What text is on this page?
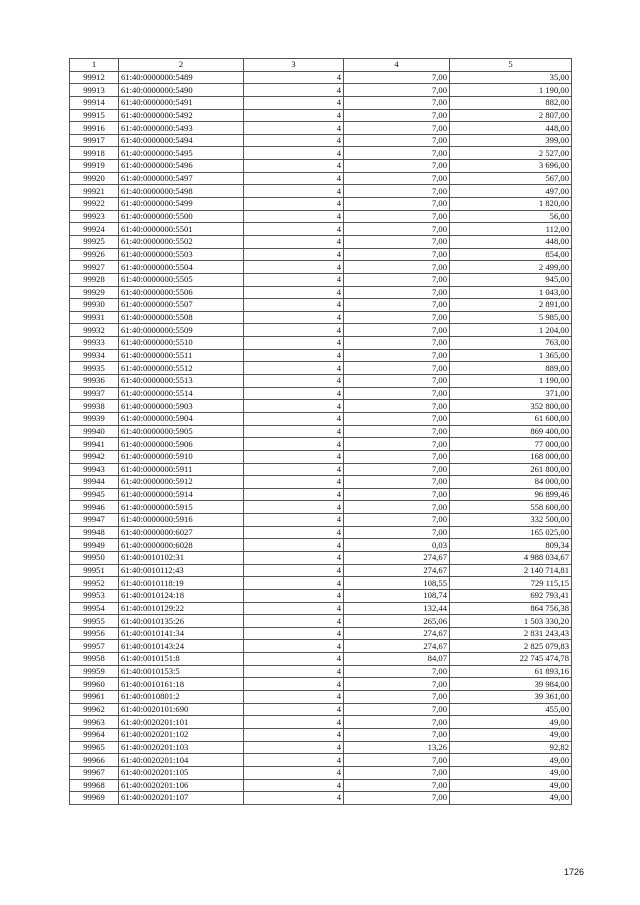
1	2	3	4	5
99912	61:40:0000000:5489	4	7,00	35,00
99913	61:40:0000000:5490	4	7,00	1 190,00
99914	61:40:0000000:5491	4	7,00	882,00
99915	61:40:0000000:5492	4	7,00	2 807,00
99916	61:40:0000000:5493	4	7,00	448,00
99917	61:40:0000000:5494	4	7,00	399,00
99918	61:40:0000000:5495	4	7,00	2 527,00
99919	61:40:0000000:5496	4	7,00	3 696,00
99920	61:40:0000000:5497	4	7,00	567,00
99921	61:40:0000000:5498	4	7,00	497,00
99922	61:40:0000000:5499	4	7,00	1 820,00
99923	61:40:0000000:5500	4	7,00	56,00
99924	61:40:0000000:5501	4	7,00	112,00
99925	61:40:0000000:5502	4	7,00	448,00
99926	61:40:0000000:5503	4	7,00	854,00
99927	61:40:0000000:5504	4	7,00	2 499,00
99928	61:40:0000000:5505	4	7,00	945,00
99929	61:40:0000000:5506	4	7,00	1 043,00
99930	61:40:0000000:5507	4	7,00	2 891,00
99931	61:40:0000000:5508	4	7,00	5 985,00
99932	61:40:0000000:5509	4	7,00	1 204,00
99933	61:40:0000000:5510	4	7,00	763,00
99934	61:40:0000000:5511	4	7,00	1 365,00
99935	61:40:0000000:5512	4	7,00	889,00
99936	61:40:0000000:5513	4	7,00	1 190,00
99937	61:40:0000000:5514	4	7,00	371,00
99938	61:40:0000000:5903	4	7,00	352 800,00
99939	61:40:0000000:5904	4	7,00	61 600,00
99940	61:40:0000000:5905	4	7,00	869 400,00
99941	61:40:0000000:5906	4	7,00	77 000,00
99942	61:40:0000000:5910	4	7,00	168 000,00
99943	61:40:0000000:5911	4	7,00	261 800,00
99944	61:40:0000000:5912	4	7,00	84 000,00
99945	61:40:0000000:5914	4	7,00	96 899,46
99946	61:40:0000000:5915	4	7,00	558 600,00
99947	61:40:0000000:5916	4	7,00	332 500,00
99948	61:40:0000000:6027	4	7,00	165 025,00
99949	61:40:0000000:6028	4	0,03	809,34
99950	61:40:0010102:31	4	274,67	4 988 034,67
99951	61:40:0010112:43	4	274,67	2 140 714,81
99952	61:40:0010118:19	4	108,55	729 115,15
99953	61:40:0010124:18	4	108,74	692 793,41
99954	61:40:0010129:22	4	132,44	864 756,38
99955	61:40:0010135:26	4	265,06	1 503 330,20
99956	61:40:0010141:34	4	274,67	2 831 243,43
99957	61:40:0010143:24	4	274,67	2 825 079,83
99958	61:40:0010151:8	4	84,07	22 745 474,78
99959	61:40:0010153:5	4	7,00	61 893,16
99960	61:40:0010161:18	4	7,00	39 984,00
99961	61:40:0010801:2	4	7,00	39 361,00
99962	61:40:0020101:690	4	7,00	455,00
99963	61:40:0020201:101	4	7,00	49,00
99964	61:40:0020201:102	4	7,00	49,00
99965	61:40:0020201:103	4	13,26	92,82
99966	61:40:0020201:104	4	7,00	49,00
99967	61:40:0020201:105	4	7,00	49,00
99968	61:40:0020201:106	4	7,00	49,00
99969	61:40:0020201:107	4	7,00	49,00
1726
